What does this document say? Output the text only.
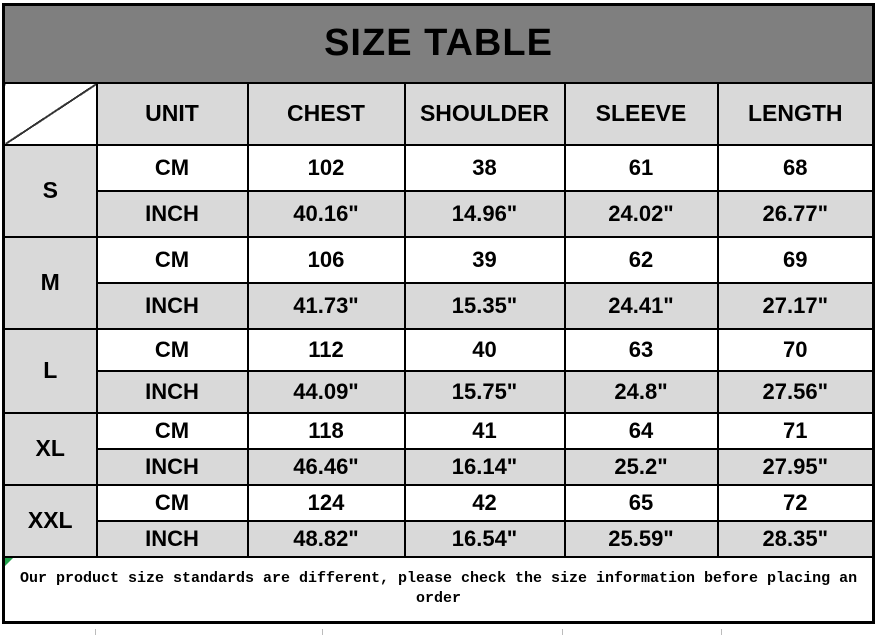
SIZE TABLE					
	UNIT	CHEST	SHOULDER	SLEEVE	LENGTH
S	CM	102	38	61	68
	INCH	40.16"	14.96"	24.02"	26.77"
M	CM	106	39	62	69
	INCH	41.73"	15.35"	24.41"	27.17"
L	CM	112	40	63	70
	INCH	44.09"	15.75"	24.8"	27.56"
XL	CM	118	41	64	71
	INCH	46.46"	16.14"	25.2"	27.95"
XXL	CM	124	42	65	72
	INCH	48.82"	16.54"	25.59"	28.35"

Our product size standards are different, please check the size information before placing an order					
